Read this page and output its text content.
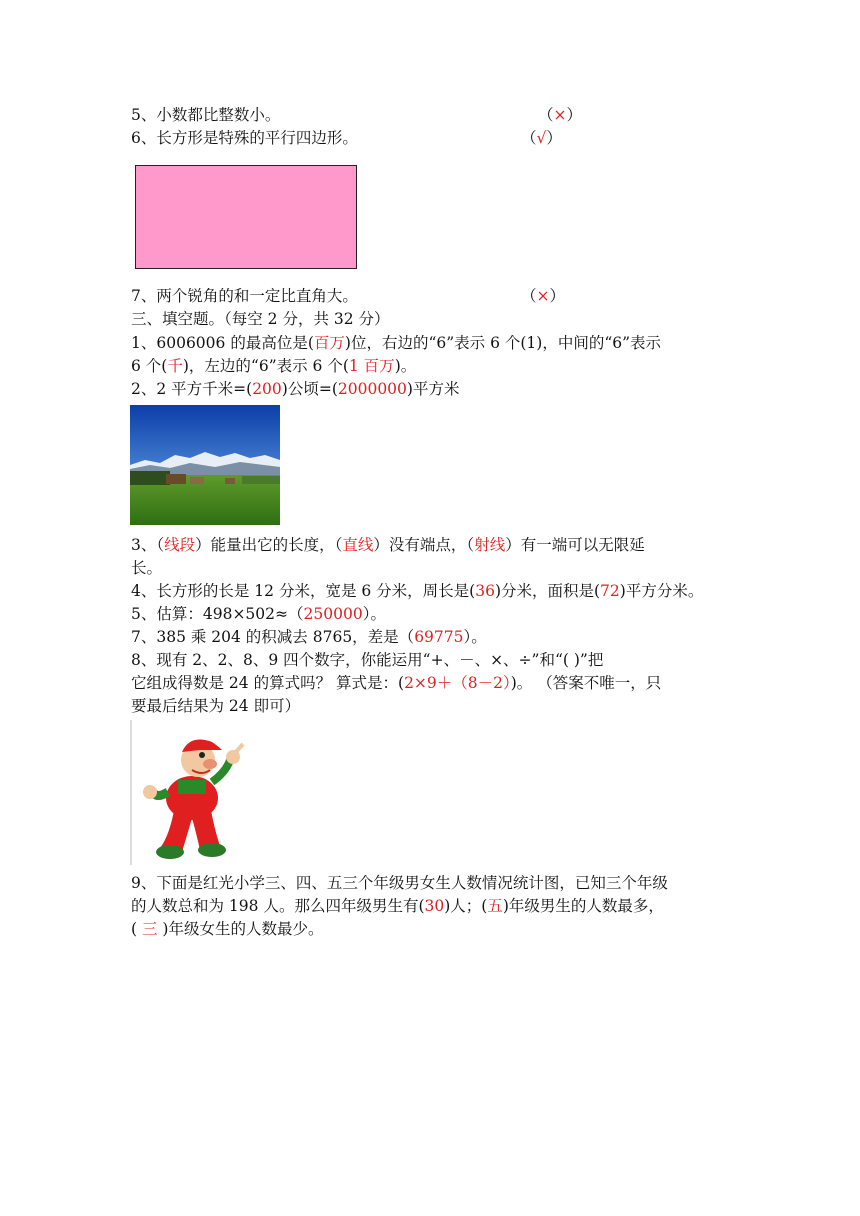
5、小数都比整数小。	（×）
6、长方形是特殊的平行四边形。	（√）
7、两个锐角的和一定比直角大。	（×）
三、填空题。（每空 2 分，共 32 分）
1、6006006 的最高位是(百万)位，右边的“6”表示 6 个(1)，中间的“6”表示
6 个(千)，左边的“6”表示 6 个(1 百万)。
2、2 平方千米=(200)公顷=(2000000)平方米
3、（线段）能量出它的长度，（直线）没有端点，（射线）有一端可以无限延
长。
4、长方形的长是 12 分米，宽是 6 分米，周长是(36)分米，面积是(72)平方分米。
5、估算：498×502≈（250000）。
7、385 乘 204 的积减去 8765，差是（69775）。
8、现有 2、2、8、9 四个数字，你能运用“+、－、×、÷”和“( )”把
它组成得数是 24 的算式吗？ 算式是：(2×9＋（8－2）)。 （答案不唯一，只
要最后结果为 24 即可）
9、下面是红光小学三、四、五三个年级男女生人数情况统计图，已知三个年级
的人数总和为 198 人。那么四年级男生有(30)人；(五)年级男生的人数最多，
( 三 )年级女生的人数最少。
